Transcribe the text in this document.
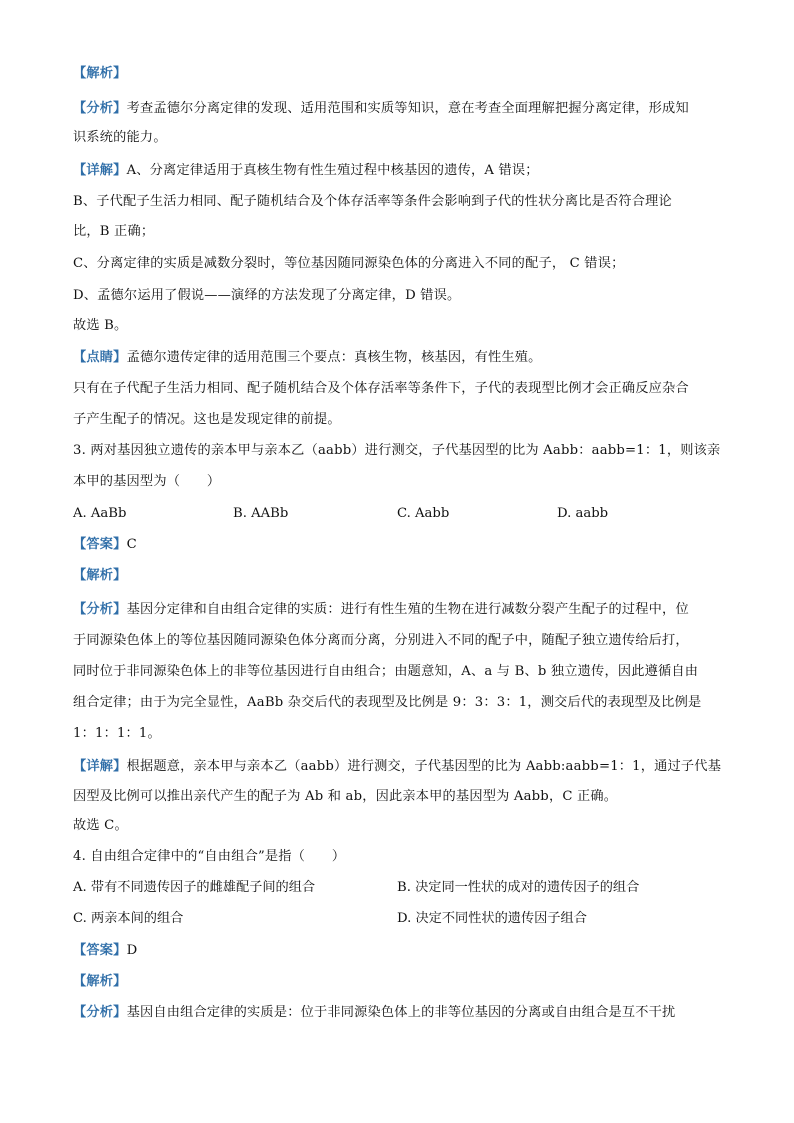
【解析】
【分析】考查孟德尔分离定律的发现、适用范围和实质等知识，意在考查全面理解把握分离定律，形成知
识系统的能力。
【详解】A、分离定律适用于真核生物有性生殖过程中核基因的遗传，A 错误；
B、子代配子生活力相同、配子随机结合及个体存活率等条件会影响到子代的性状分离比是否符合理论
比，B 正确；
C、分离定律的实质是减数分裂时，等位基因随同源染色体的分离进入不同的配子， C 错误；
D、孟德尔运用了假说——演绎的方法发现了分离定律，D 错误。
故选 B。
【点睛】孟德尔遗传定律的适用范围三个要点：真核生物，核基因，有性生殖。
只有在子代配子生活力相同、配子随机结合及个体存活率等条件下，子代的表现型比例才会正确反应杂合
子产生配子的情况。这也是发现定律的前提。
3. 两对基因独立遗传的亲本甲与亲本乙（aabb）进行测交，子代基因型的比为 Aabb：aabb=1：1，则该亲
本甲的基因型为（　　）
A. AaBb	B. AABb	C. Aabb	D. aabb
【答案】C
【解析】
【分析】基因分定律和自由组合定律的实质：进行有性生殖的生物在进行减数分裂产生配子的过程中，位
于同源染色体上的等位基因随同源染色体分离而分离，分别进入不同的配子中，随配子独立遗传给后打，
同时位于非同源染色体上的非等位基因进行自由组合；由题意知，A、a 与 B、b 独立遗传，因此遵循自由
组合定律；由于为完全显性，AaBb 杂交后代的表现型及比例是 9：3：3：1，测交后代的表现型及比例是
1：1：1：1。
【详解】根据题意，亲本甲与亲本乙（aabb）进行测交，子代基因型的比为 Aabb:aabb=1：1，通过子代基
因型及比例可以推出亲代产生的配子为 Ab 和 ab，因此亲本甲的基因型为 Aabb，C 正确。
故选 C。
4. 自由组合定律中的“自由组合”是指（　　）
A. 带有不同遗传因子的雌雄配子间的组合	B. 决定同一性状的成对的遗传因子的组合
C. 两亲本间的组合	D. 决定不同性状的遗传因子组合
【答案】D
【解析】
【分析】基因自由组合定律的实质是：位于非同源染色体上的非等位基因的分离或自由组合是互不干扰
